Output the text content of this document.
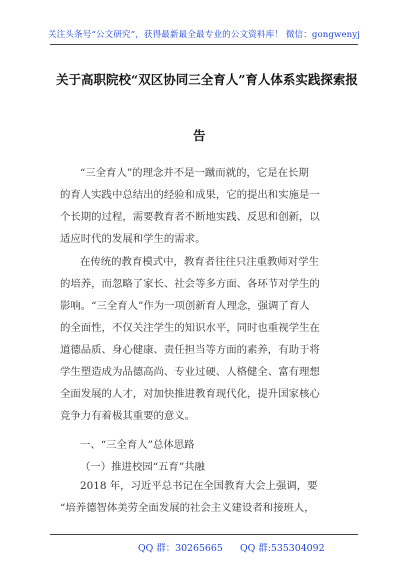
关注头条号“公文研究”，获得最新最全最专业的公文资料库！ 微信：gongwenyj
关于高职院校“双区协同三全育人”育人体系实践探索报
告
“三全育人”的理念并不是一蹴而就的，它是在长期
的育人实践中总结出的经验和成果，它的提出和实施是一
个长期的过程，需要教育者不断地实践、反思和创新，以
适应时代的发展和学生的需求。
在传统的教育模式中，教育者往往只注重教师对学生
的培养，而忽略了家长、社会等多方面、各环节对学生的
影响。“三全育人”作为一项创新育人理念，强调了育人
的全面性，不仅关注学生的知识水平，同时也重视学生在
道德品质、身心健康、责任担当等方面的素养，有助于将
学生塑造成为品德高尚、专业过硬、人格健全、富有理想
全面发展的人才，对加快推进教育现代化，提升国家核心
竞争力有着极其重要的意义。
一、“三全育人”总体思路
（一）推进校园“五育”共融
2018 年，习近平总书记在全国教育大会上强调，要
“培养德智体美劳全面发展的社会主义建设者和接班人，
QQ 群：30265665 QQ 群:535304092
